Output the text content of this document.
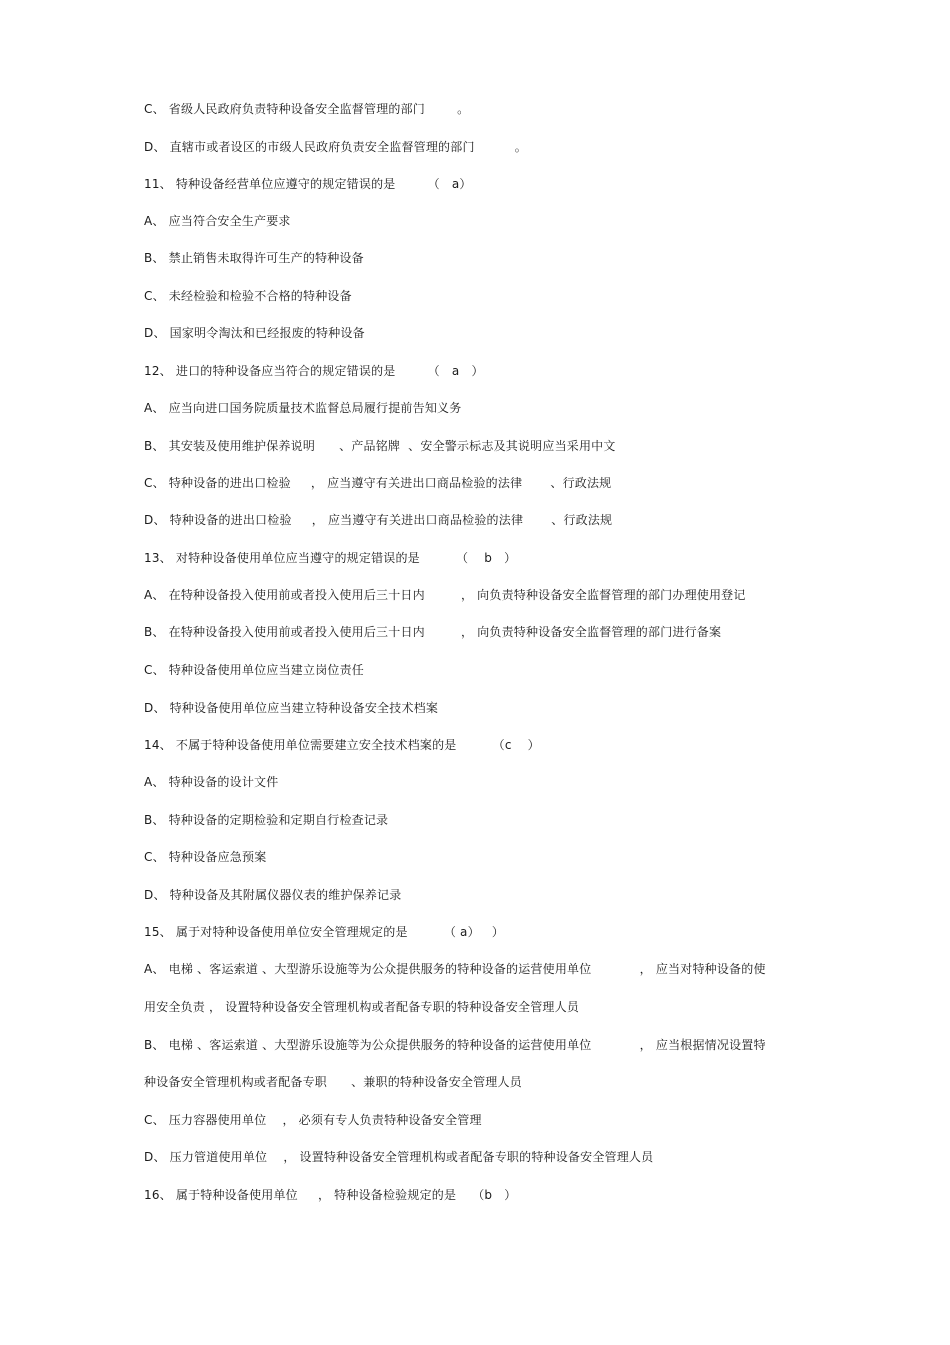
C、 省级人民政府负责特种设备安全监督管理的部门        。
D、 直辖市或者设区的市级人民政府负责安全监督管理的部门          。
11、 特种设备经营单位应遵守的规定错误的是        （   a）
A、 应当符合安全生产要求
B、 禁止销售未取得许可生产的特种设备
C、 未经检验和检验不合格的特种设备
D、 国家明令淘汰和已经报废的特种设备
12、 进口的特种设备应当符合的规定错误的是        （   a   ）
A、 应当向进口国务院质量技术监督总局履行提前告知义务
B、 其安装及使用维护保养说明      、产品铭牌  、安全警示标志及其说明应当采用中文
C、 特种设备的进出口检验     ， 应当遵守有关进出口商品检验的法律       、行政法规
D、 特种设备的进出口检验     ， 应当遵守有关进出口商品检验的法律       、行政法规
13、 对特种设备使用单位应当遵守的规定错误的是         （    b   ）
A、 在特种设备投入使用前或者投入使用后三十日内         ， 向负责特种设备安全监督管理的部门办理使用登记
B、 在特种设备投入使用前或者投入使用后三十日内         ， 向负责特种设备安全监督管理的部门进行备案
C、 特种设备使用单位应当建立岗位责任
D、 特种设备使用单位应当建立特种设备安全技术档案
14、 不属于特种设备使用单位需要建立安全技术档案的是         （c    ）
A、 特种设备的设计文件
B、 特种设备的定期检验和定期自行检查记录
C、 特种设备应急预案
D、 特种设备及其附属仪器仪表的维护保养记录
15、 属于对特种设备使用单位安全管理规定的是         （ a）   ）
A、 电梯 、客运索道 、大型游乐设施等为公众提供服务的特种设备的运营使用单位            ， 应当对特种设备的使
用安全负责 ， 设置特种设备安全管理机构或者配备专职的特种设备安全管理人员
B、 电梯 、客运索道 、大型游乐设施等为公众提供服务的特种设备的运营使用单位            ， 应当根据情况设置特
种设备安全管理机构或者配备专职      、兼职的特种设备安全管理人员
C、 压力容器使用单位    ， 必须有专人负责特种设备安全管理
D、 压力管道使用单位    ， 设置特种设备安全管理机构或者配备专职的特种设备安全管理人员
16、 属于特种设备使用单位     ， 特种设备检验规定的是    （b   ）
